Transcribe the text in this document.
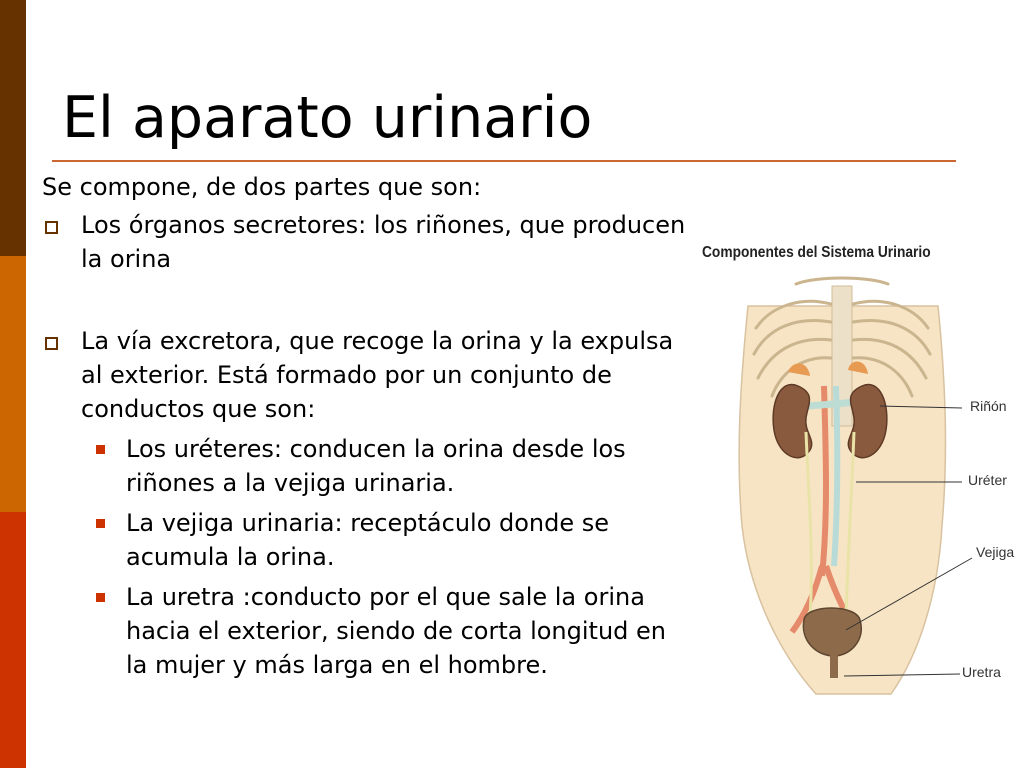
El aparato urinario

Se compone, de dos partes que son:

Los órganos secretores: los riñones, que producen la orina
La vía excretora, que recoge la orina y la expulsa al exterior. Está formado por un conjunto de conductos que son:
Los uréteres: conducen la orina desde los riñones a la vejiga urinaria.
La vejiga urinaria: receptáculo donde se acumula la orina.
La uretra :conducto por el que sale la orina hacia el exterior, siendo de corta longitud en la mujer y más larga en el hombre.
Componentes del Sistema Urinario
Riñón
Uréter
Vejiga
Uretra
